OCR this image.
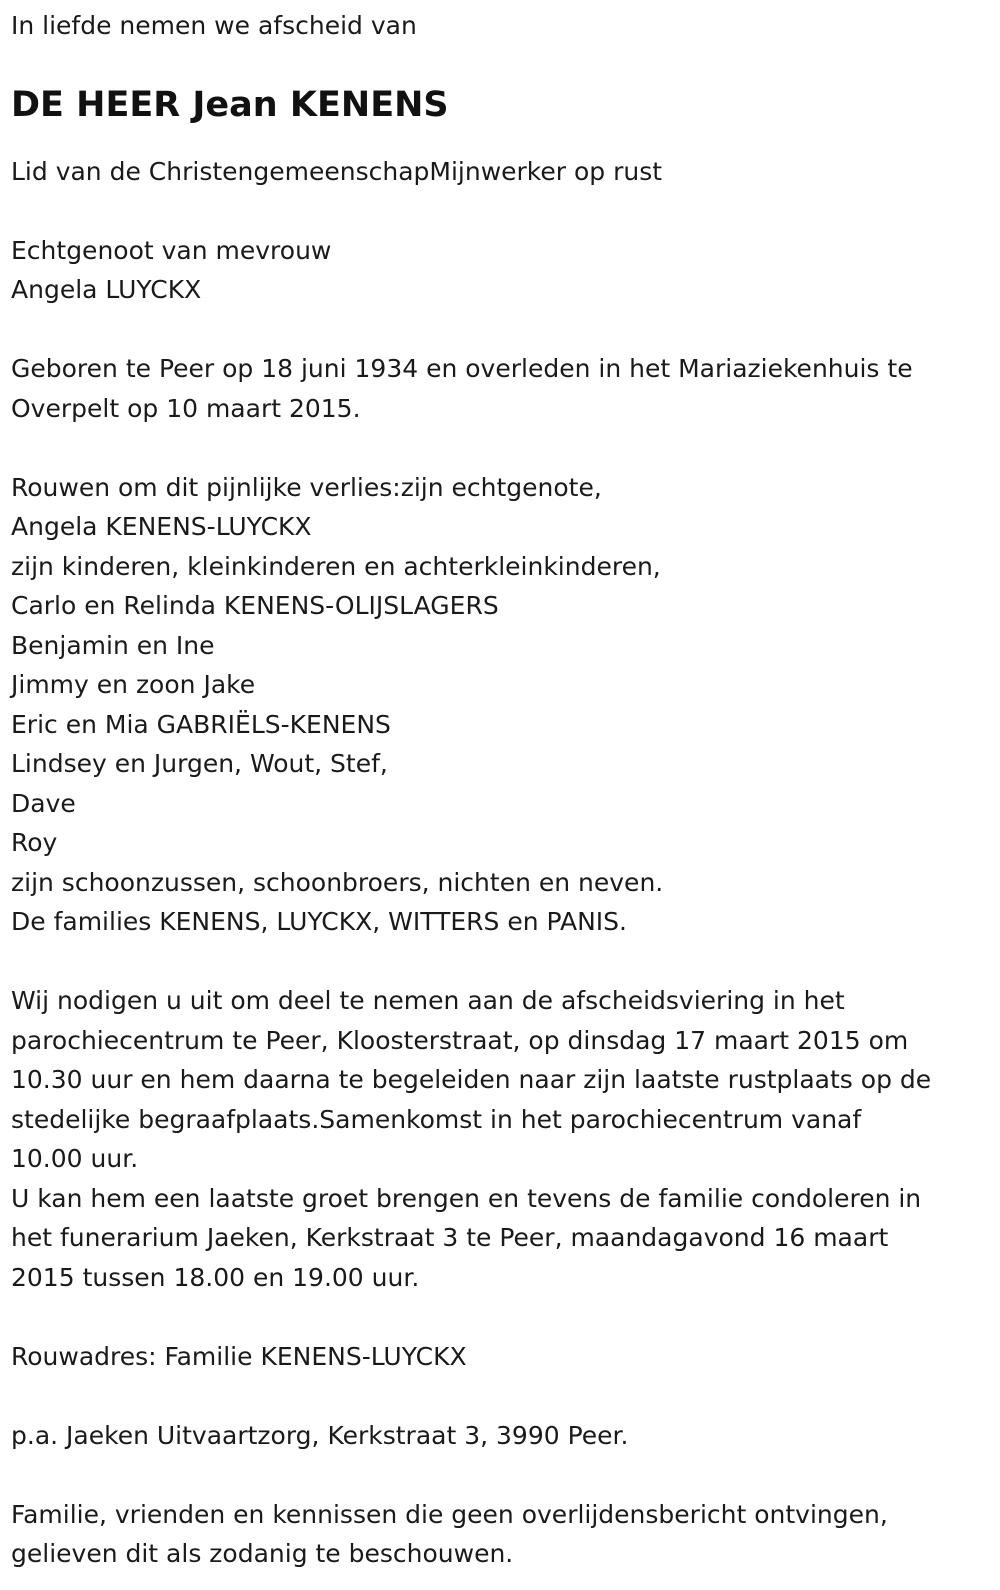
In liefde nemen we afscheid van

DE HEER Jean KENENS

Lid van de ChristengemeenschapMijnwerker op rust

Echtgenoot van mevrouw

Angela LUYCKX

Geboren te Peer op 18 juni 1934 en overleden in het Mariaziekenhuis te

Overpelt op 10 maart 2015.

Rouwen om dit pijnlijke verlies:zijn echtgenote,

Angela KENENS-LUYCKX

zijn kinderen, kleinkinderen en achterkleinkinderen,

Carlo en Relinda KENENS-OLIJSLAGERS

Benjamin en Ine

Jimmy en zoon Jake

Eric en Mia GABRIËLS-KENENS

Lindsey en Jurgen, Wout, Stef,

Dave

Roy

zijn schoonzussen, schoonbroers, nichten en neven.

De families KENENS, LUYCKX, WITTERS en PANIS.

Wij nodigen u uit om deel te nemen aan de afscheidsviering in het

parochiecentrum te Peer, Kloosterstraat, op dinsdag 17 maart 2015 om

10.30 uur en hem daarna te begeleiden naar zijn laatste rustplaats op de

stedelijke begraafplaats.Samenkomst in het parochiecentrum vanaf

10.00 uur.

U kan hem een laatste groet brengen en tevens de familie condoleren in

het funerarium Jaeken, Kerkstraat 3 te Peer, maandagavond 16 maart

2015 tussen 18.00 en 19.00 uur.

Rouwadres: Familie KENENS-LUYCKX

p.a. Jaeken Uitvaartzorg, Kerkstraat 3, 3990 Peer.

Familie, vrienden en kennissen die geen overlijdensbericht ontvingen,

gelieven dit als zodanig te beschouwen.
